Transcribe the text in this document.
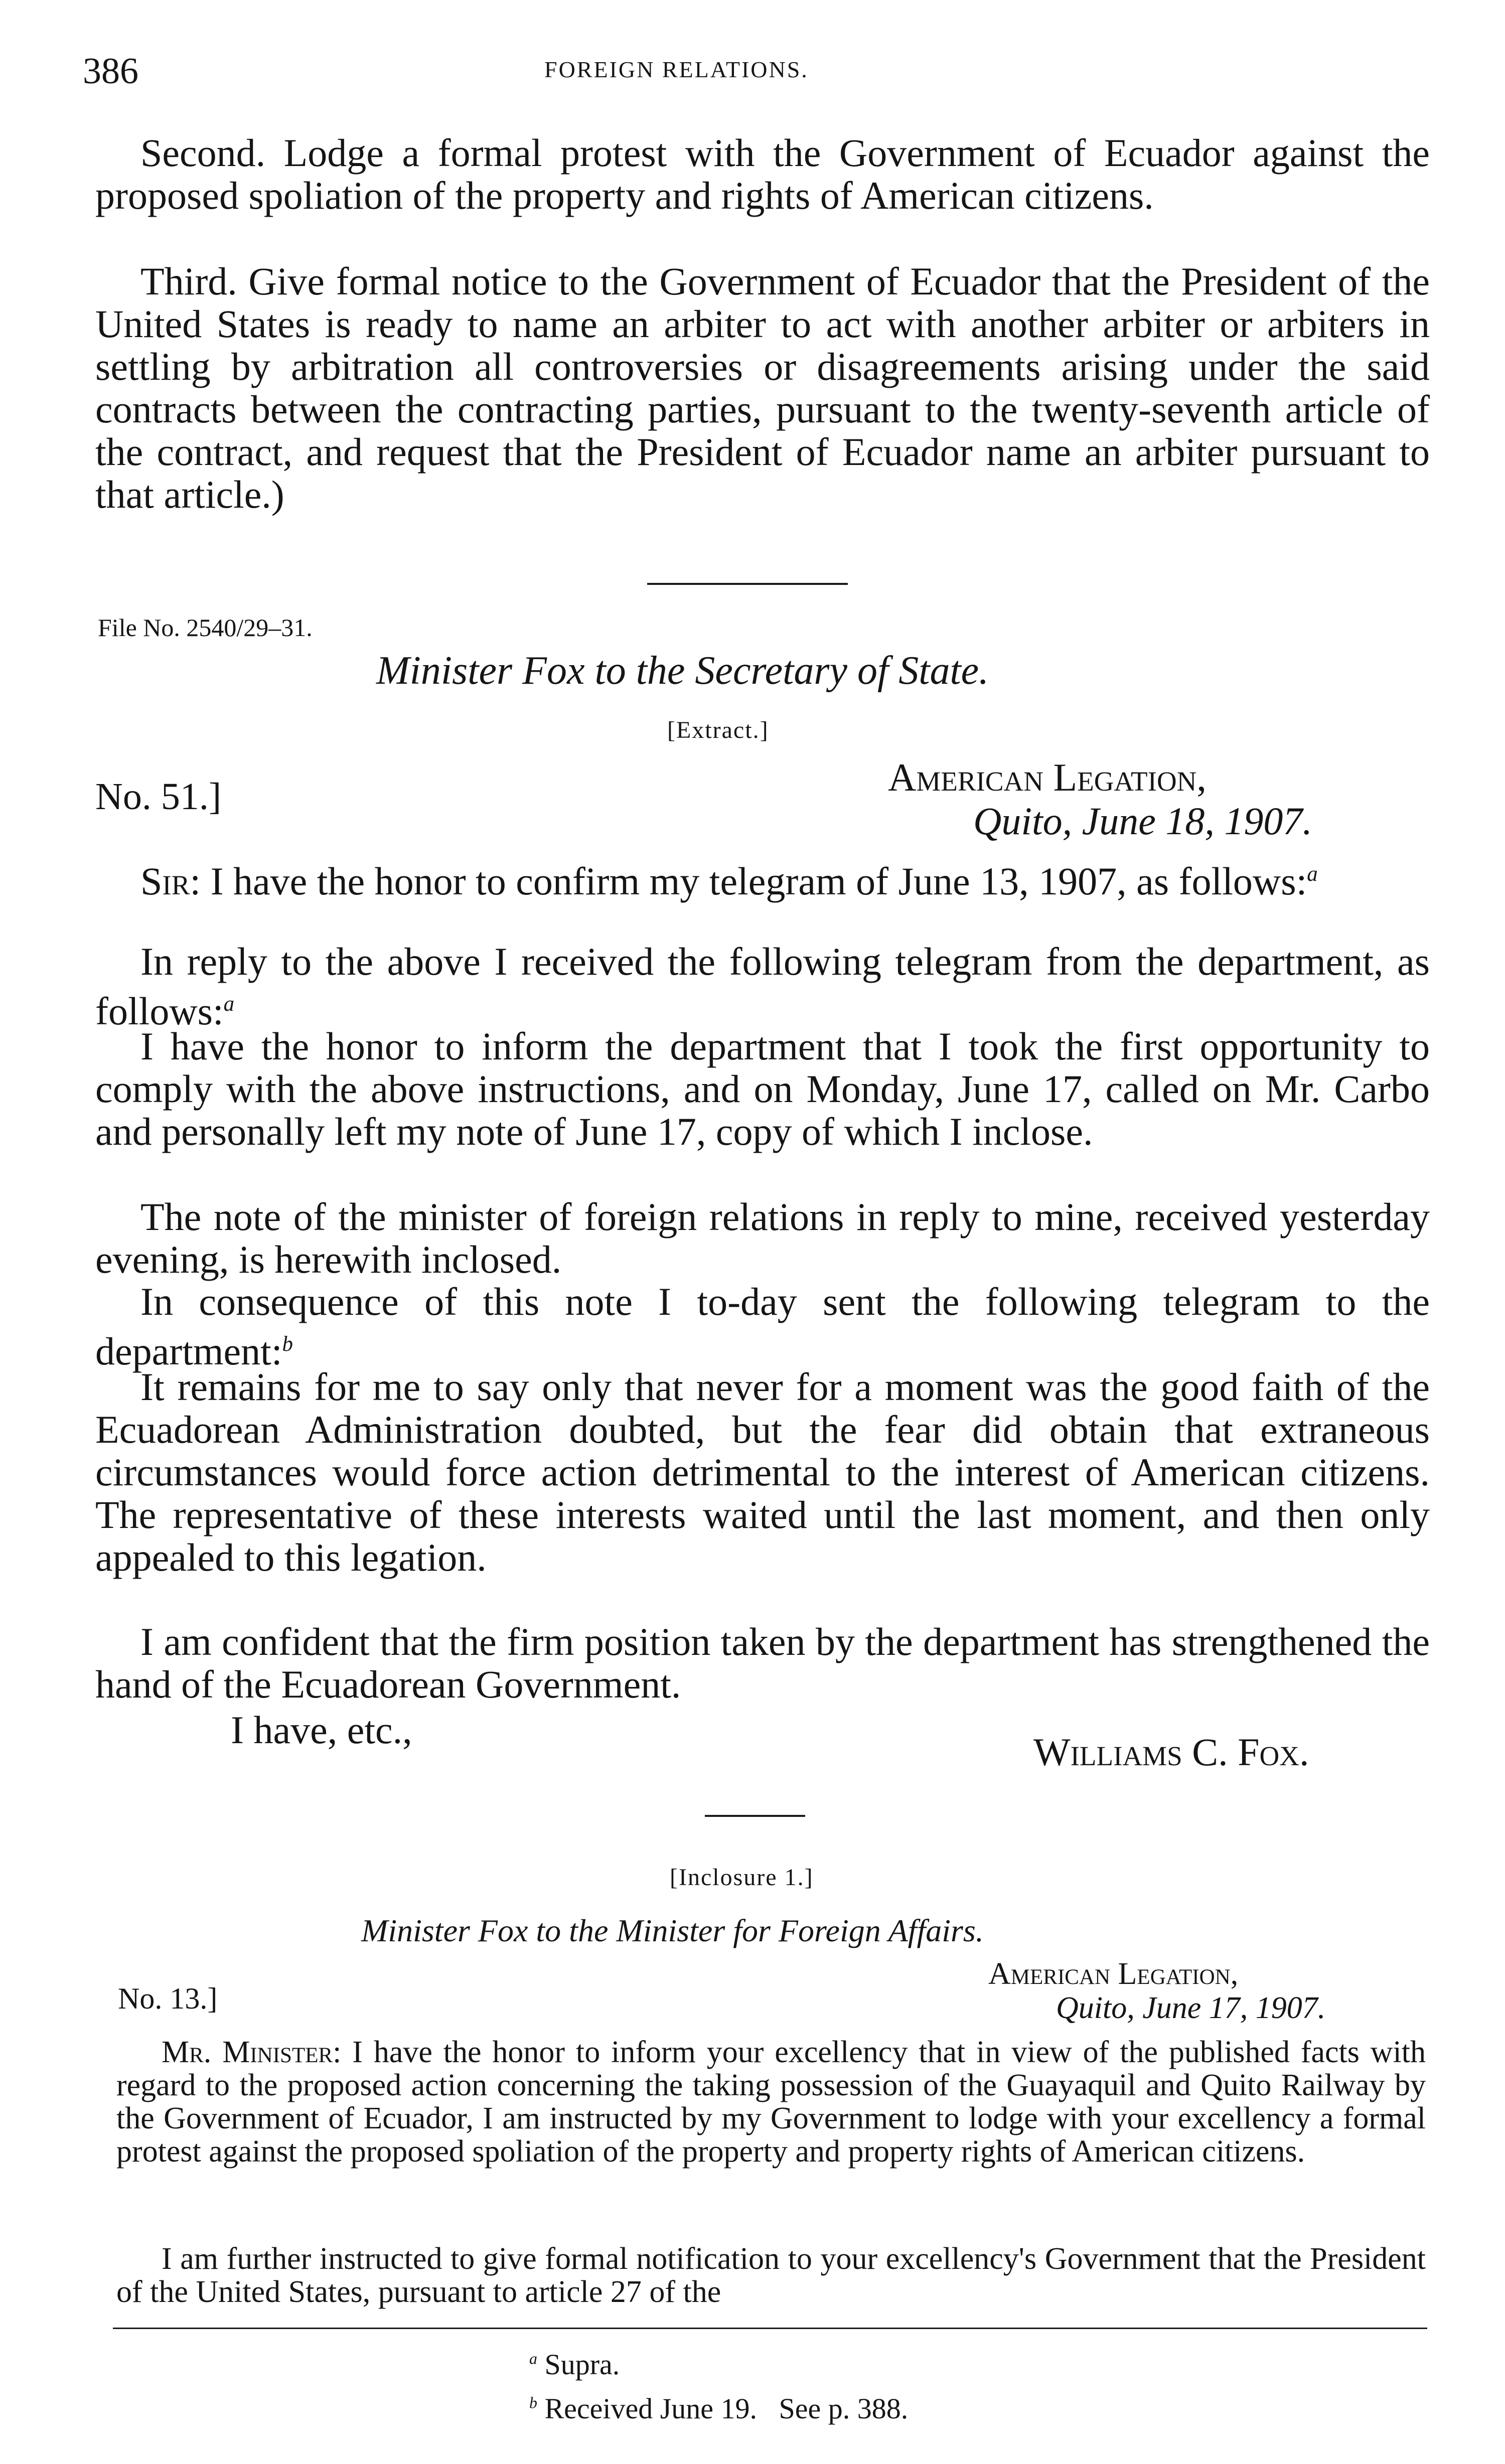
386	FOREIGN RELATIONS.

Second. Lodge a formal protest with the Government of Ecuador against the proposed spoliation of the property and rights of American citizens.

Third. Give formal notice to the Government of Ecuador that the President of the United States is ready to name an arbiter to act with another arbiter or arbiters in settling by arbitration all controversies or disagreements arising under the said contracts between the contracting parties, pursuant to the twenty-seventh article of the contract, and request that the President of Ecuador name an arbiter pursuant to that article.)

File No. 2540/29–31.
Minister Fox to the Secretary of State.
[Extract.]
No. 51.]	American Legation,
Quito, June 18, 1907.

Sir: I have the honor to confirm my telegram of June 13, 1907, as follows:$^a$

In reply to the above I received the following telegram from the department, as follows:$^a$

I have the honor to inform the department that I took the first opportunity to comply with the above instructions, and on Monday, June 17, called on Mr. Carbo and personally left my note of June 17, copy of which I inclose.

The note of the minister of foreign relations in reply to mine, received yesterday evening, is herewith inclosed.

In consequence of this note I to-day sent the following telegram to the department:$^b$

It remains for me to say only that never for a moment was the good faith of the Ecuadorean Administration doubted, but the fear did obtain that extraneous circumstances would force action detrimental to the interest of American citizens. The representative of these interests waited until the last moment, and then only appealed to this legation.

I am confident that the firm position taken by the department has strengthened the hand of the Ecuadorean Government.

I have, etc.,
Williams C. Fox.
[Inclosure 1.]
Minister Fox to the Minister for Foreign Affairs.
No. 13.]
American Legation,
Quito, June 17, 1907.

Mr. Minister: I have the honor to inform your excellency that in view of the published facts with regard to the proposed action concerning the taking possession of the Guayaquil and Quito Railway by the Government of Ecuador, I am instructed by my Government to lodge with your excellency a formal protest against the proposed spoliation of the property and property rights of American citizens.

I am further instructed to give formal notification to your excellency's Government that the President of the United States, pursuant to article 27 of the

$^a$ Supra.
$^b$ Received June 19.   See p. 388.
